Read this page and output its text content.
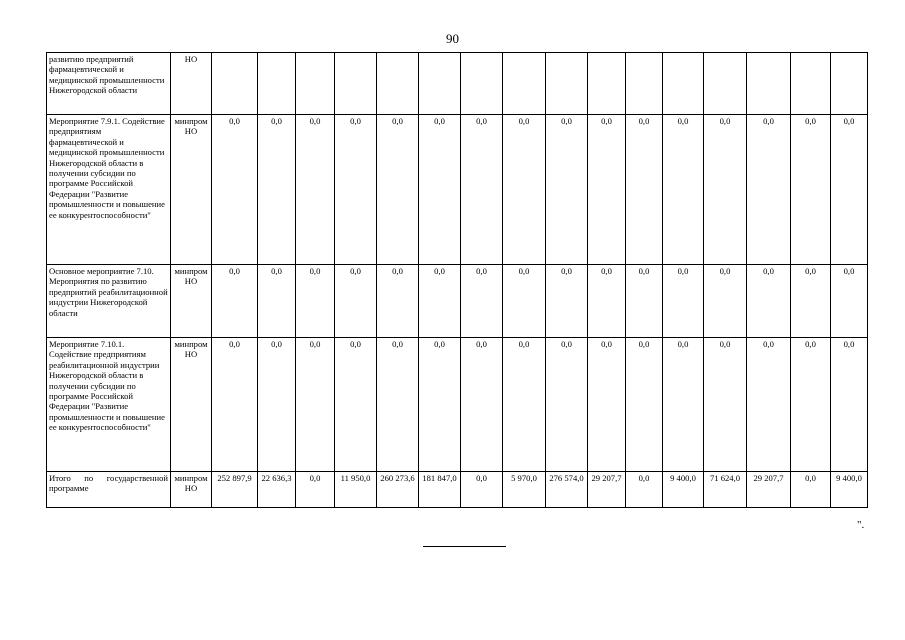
90
развитию предприятий фармацевтической и медицинской промышленности Нижегородской области	НО																

Мероприятие 7.9.1. Содействие предприятиям фармацевтической и медицинской промышленности Нижегородской области в получении субсидии по программе Российской Федерации "Развитие промышленности и повышение ее конкурентоспособности"	минпром НО	0,0	0,0	0,0	0,0	0,0	0,0	0,0	0,0	0,0	0,0	0,0	0,0	0,0	0,0	0,0	0,0

Основное мероприятие 7.10. Мероприятия по развитию предприятий реабилитационной индустрии Нижегородской области	минпром НО	0,0	0,0	0,0	0,0	0,0	0,0	0,0	0,0	0,0	0,0	0,0	0,0	0,0	0,0	0,0	0,0

Мероприятие 7.10.1. Содействие предприятиям реабилитационной индустрии Нижегородской области в получении субсидии по программе Российской Федерации "Развитие промышленности и повышение ее конкурентоспособности"	минпром НО	0,0	0,0	0,0	0,0	0,0	0,0	0,0	0,0	0,0	0,0	0,0	0,0	0,0	0,0	0,0	0,0

Итого по государственной программе	минпром НО	252 897,9	22 636,3	0,0	11 950,0	260 273,6	181 847,0	0,0	5 970,0	276 574,0	29 207,7	0,0	9 400,0	71 624,0	29 207,7	0,0	9 400,0
".
